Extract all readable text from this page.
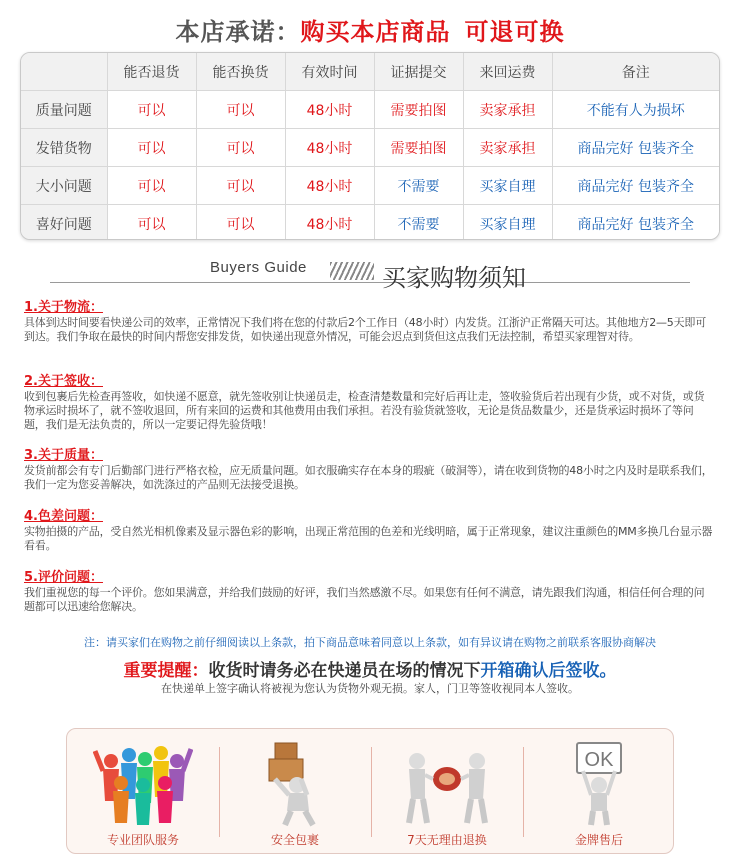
本店承诺：购买本店商品 可退可换
	能否退货	能否换货	有效时间	证据提交	来回运费	备注
质量问题	可以	可以	48小时	需要拍图	卖家承担	不能有人为损坏
发错货物	可以	可以	48小时	需要拍图	卖家承担	商品完好 包装齐全
大小问题	可以	可以	48小时	不需要	买家自理	商品完好 包装齐全
喜好问题	可以	可以	48小时	不需要	买家自理	商品完好 包装齐全
Buyers Guide	买家购物须知
1.关于物流：
具体到达时间要看快递公司的效率，正常情况下我们将在您的付款后2个工作日（48小时）内发货。江浙沪正常隔天可达。其他地方2—5天即可到达。我们争取在最快的时间内帮您安排发货，如快递出现意外情况，可能会迟点到货但这点我们无法控制，希望买家理智对待。
2.关于签收：
收到包裹后先检查再签收，如快递不愿意，就先签收别让快递员走，检查清楚数量和完好后再让走，签收验货后若出现有少货，或不对货，或货物承运时损坏了，就不签收退回，所有来回的运费和其他费用由我们承担。若没有验货就签收，无论是货品数量少，还是货承运时损坏了等问题，我们是无法负责的，所以一定要记得先验货哦！
3.关于质量：
发货前都会有专门后勤部门进行严格衣检，应无质量问题。如衣服确实存在本身的瑕疵（破洞等），请在收到货物的48小时之内及时是联系我们，我们一定为您妥善解决，如洗涤过的产品则无法接受退换。
4.色差问题：
实物拍摄的产品，受自然光相机像素及显示器色彩的影响，出现正常范围的色差和光线明暗，属于正常现象，建议注重颜色的MM多换几台显示器看看。
5.评价问题：
我们重视您的每一个评价。您如果满意，并给我们鼓励的好评，我们当然感激不尽。如果您有任何不满意，请先跟我们沟通，相信任何合理的问题都可以迅速给您解决。
注：请买家们在购物之前仔细阅读以上条款，拍下商品意味着同意以上条款，如有异议请在购物之前联系客服协商解决
重要提醒：收货时请务必在快递员在场的情况下开箱确认后签收。
在快递单上签字确认将被视为您认为货物外观无损。家人，门卫等签收视同本人签收。
专业团队服务	安全包裹	7天无理由退换
OK
金牌售后
